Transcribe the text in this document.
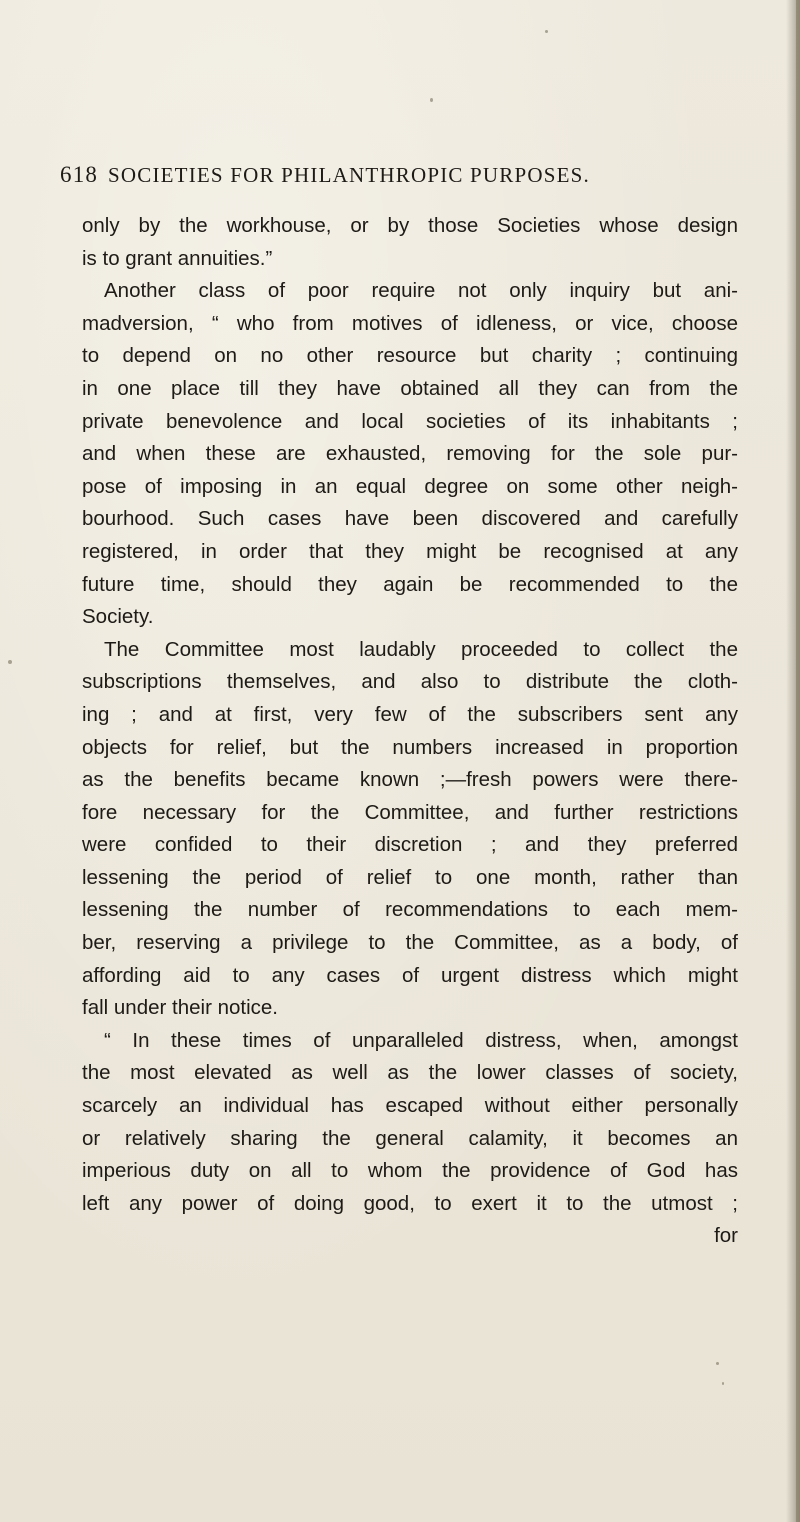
618 SOCIETIES FOR PHILANTHROPIC PURPOSES.
only by the workhouse, or by those Societies whose design
is to grant annuities.”
Another class of poor require not only inquiry but ani-
madversion, “ who from motives of idleness, or vice, choose
to depend on no other resource but charity ; continuing
in one place till they have obtained all they can from the
private benevolence and local societies of its inhabitants ;
and when these are exhausted, removing for the sole pur-
pose of imposing in an equal degree on some other neigh-
bourhood. Such cases have been discovered and carefully
registered, in order that they might be recognised at any
future time, should they again be recommended to the
Society.
The Committee most laudably proceeded to collect the
subscriptions themselves, and also to distribute the cloth-
ing ; and at first, very few of the subscribers sent any
objects for relief, but the numbers increased in proportion
as the benefits became known ;—fresh powers were there-
fore necessary for the Committee, and further restrictions
were confided to their discretion ; and they preferred
lessening the period of relief to one month, rather than
lessening the number of recommendations to each mem-
ber, reserving a privilege to the Committee, as a body, of
affording aid to any cases of urgent distress which might
fall under their notice.
“ In these times of unparalleled distress, when, amongst
the most elevated as well as the lower classes of society,
scarcely an individual has escaped without either personally
or relatively sharing the general calamity, it becomes an
imperious duty on all to whom the providence of God has
left any power of doing good, to exert it to the utmost ;
for
